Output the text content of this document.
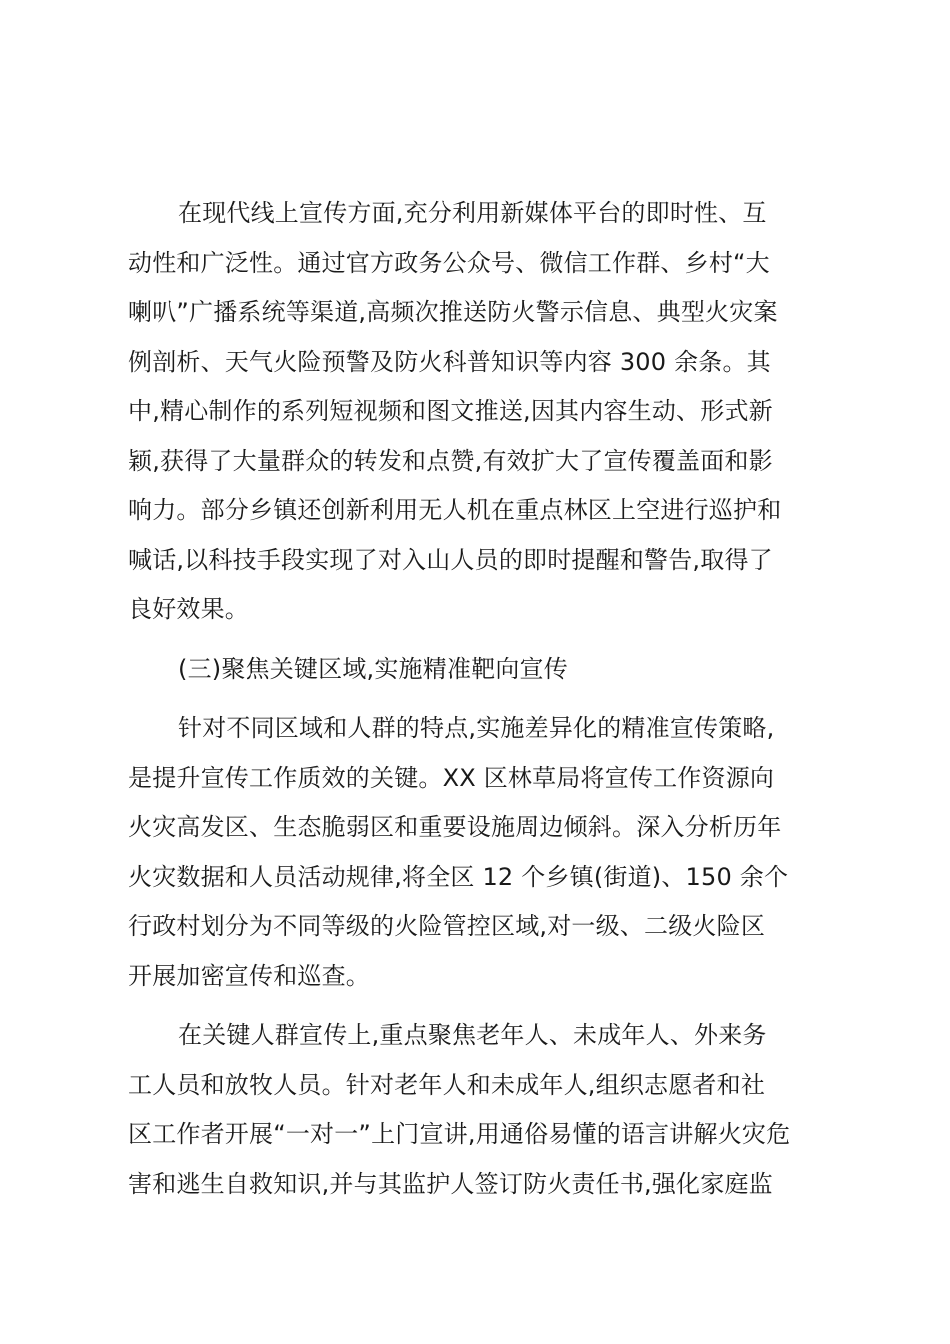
在现代线上宣传方面,充分利用新媒体平台的即时性、互
动性和广泛性。通过官方政务公众号、微信工作群、乡村“大
喇叭”广播系统等渠道,高频次推送防火警示信息、典型火灾案
例剖析、天气火险预警及防火科普知识等内容 300 余条。其
中,精心制作的系列短视频和图文推送,因其内容生动、形式新
颖,获得了大量群众的转发和点赞,有效扩大了宣传覆盖面和影
响力。部分乡镇还创新利用无人机在重点林区上空进行巡护和
喊话,以科技手段实现了对入山人员的即时提醒和警告,取得了
良好效果。
(三)聚焦关键区域,实施精准靶向宣传
针对不同区域和人群的特点,实施差异化的精准宣传策略,
是提升宣传工作质效的关键。XX 区林草局将宣传工作资源向
火灾高发区、生态脆弱区和重要设施周边倾斜。深入分析历年
火灾数据和人员活动规律,将全区 12 个乡镇(街道)、150 余个
行政村划分为不同等级的火险管控区域,对一级、二级火险区
开展加密宣传和巡查。
在关键人群宣传上,重点聚焦老年人、未成年人、外来务
工人员和放牧人员。针对老年人和未成年人,组织志愿者和社
区工作者开展“一对一”上门宣讲,用通俗易懂的语言讲解火灾危
害和逃生自救知识,并与其监护人签订防火责任书,强化家庭监
